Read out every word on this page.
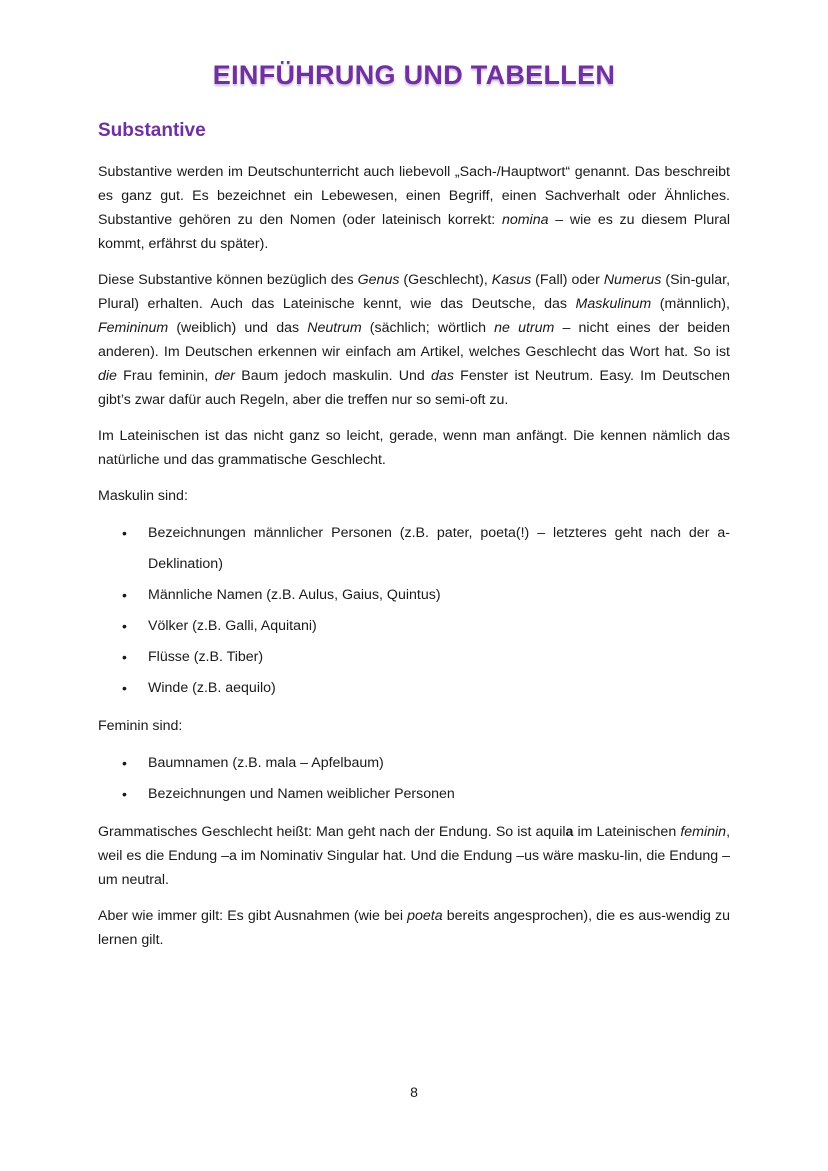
EINFÜHRUNG UND TABELLEN
Substantive

Substantive werden im Deutschunterricht auch liebevoll „Sach-/Hauptwort“ genannt. Das beschreibt es ganz gut. Es bezeichnet ein Lebewesen, einen Begriff, einen Sachverhalt oder Ähnliches. Substantive gehören zu den Nomen (oder lateinisch korrekt: nomina – wie es zu diesem Plural kommt, erfährst du später).

Diese Substantive können bezüglich des Genus (Geschlecht), Kasus (Fall) oder Numerus (Sin-gular, Plural) erhalten. Auch das Lateinische kennt, wie das Deutsche, das Maskulinum (männlich), Femininum (weiblich) und das Neutrum (sächlich; wörtlich ne utrum – nicht eines der beiden anderen). Im Deutschen erkennen wir einfach am Artikel, welches Geschlecht das Wort hat. So ist die Frau feminin, der Baum jedoch maskulin. Und das Fenster ist Neutrum. Easy. Im Deutschen gibt’s zwar dafür auch Regeln, aber die treffen nur so semi-oft zu.

Im Lateinischen ist das nicht ganz so leicht, gerade, wenn man anfängt. Die kennen nämlich das natürliche und das grammatische Geschlecht.

Maskulin sind:

• Bezeichnungen männlicher Personen (z.B. pater, poeta(!) – letzteres geht nach der a-Deklination)
• Männliche Namen (z.B. Aulus, Gaius, Quintus)
• Völker (z.B. Galli, Aquitani)
• Flüsse (z.B. Tiber)
• Winde (z.B. aequilo)

Feminin sind:

• Baumnamen (z.B. mala – Apfelbaum)
• Bezeichnungen und Namen weiblicher Personen

Grammatisches Geschlecht heißt: Man geht nach der Endung. So ist aquila im Lateinischen feminin, weil es die Endung –a im Nominativ Singular hat. Und die Endung –us wäre masku-lin, die Endung –um neutral.

Aber wie immer gilt: Es gibt Ausnahmen (wie bei poeta bereits angesprochen), die es aus-wendig zu lernen gilt.

8
